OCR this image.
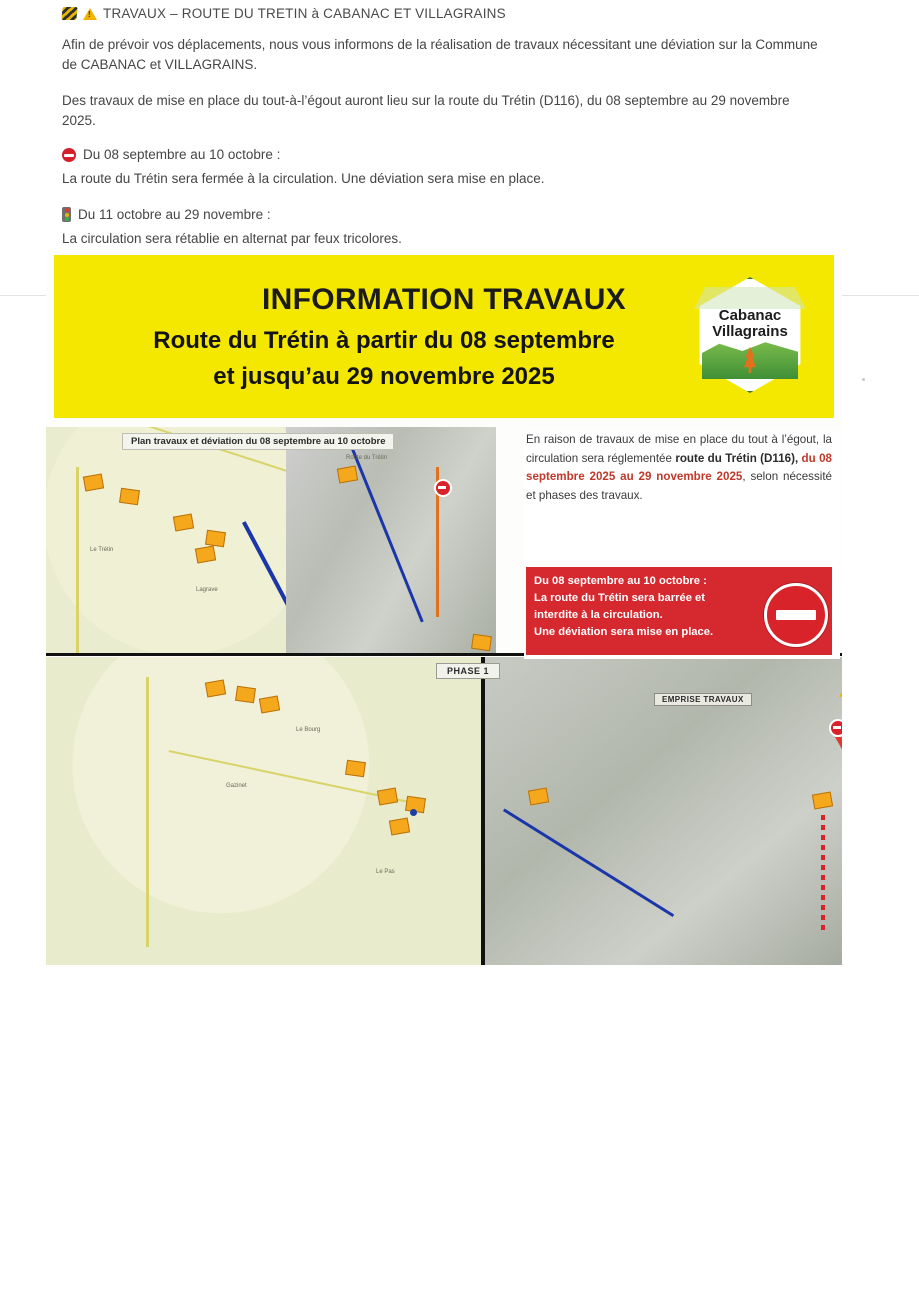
!
TRAVAUX – ROUTE DU TRETIN à CABANAC ET VILLAGRAINS

Afin de prévoir vos déplacements, nous vous informons de la réalisation de travaux nécessitant une déviation sur la Commune de CABANAC et VILLAGRAINS.

Des travaux de mise en place du tout-à-l’égout auront lieu sur la route du Trétin (D116), du 08 septembre au 29 novembre 2025.

Du 08 septembre au 10 octobre :
La route du Trétin sera fermée à la circulation. Une déviation sera mise en place.
Du 11 octobre au 29 novembre :
La circulation sera rétablie en alternat par feux tricolores.
INFORMATION TRAVAUX
Route du Trétin à partir du 08 septembre
et jusqu’au 29 novembre 2025
Cabanac
Villagrains
Le Trétin
Lagrave
Route du Trétin
Plan travaux et déviation du 08 septembre au 10 octobre
Le Bourg
Gazinet
Le Pas
PHASE 1
EMPRISE TRAVAUX
En raison de travaux de mise en place du tout à l’égout, la circulation sera réglementée route du Trétin (D116), du 08 septembre 2025 au 29 novembre 2025, selon nécessité et phases des travaux.
Du 08 septembre au 10 octobre :
La route du Trétin sera barrée et
interdite à la circulation.
Une déviation sera mise en place.
